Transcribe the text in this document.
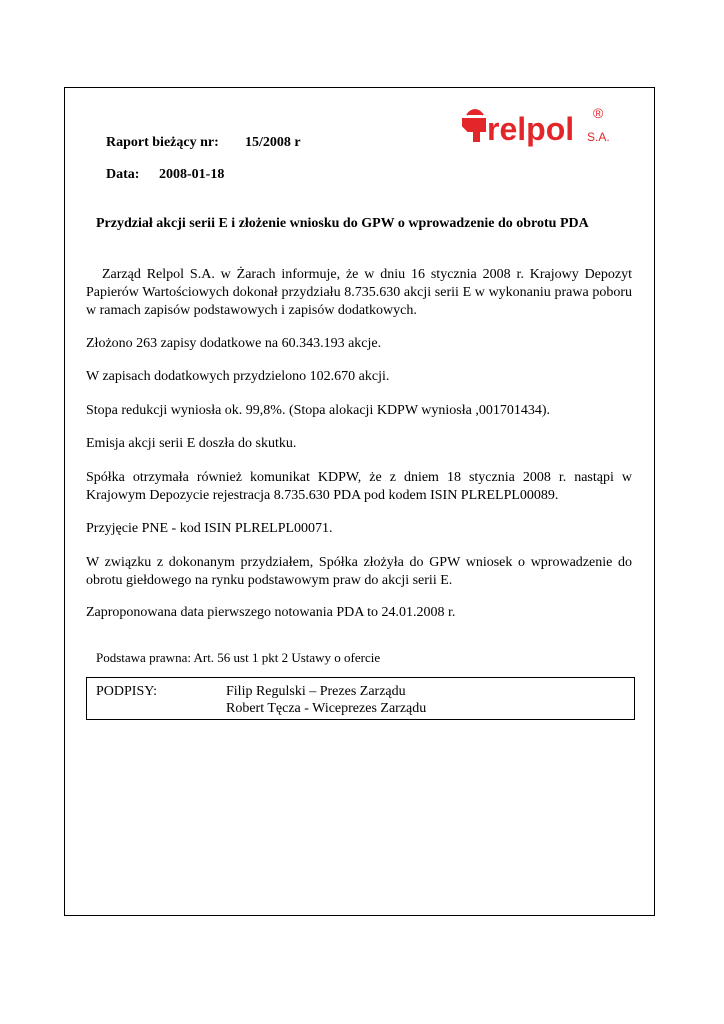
relpol S.A.
®
Raport bieżący nr: 15/2008 r
Data: 2008-01-18
Przydział akcji serii E i złożenie wniosku do GPW o wprowadzenie do obrotu PDA

Zarząd Relpol S.A. w Żarach informuje, że w dniu 16 stycznia 2008 r. Krajowy Depozyt Papierów Wartościowych dokonał przydziału 8.735.630 akcji serii E w wykonaniu prawa poboru w ramach zapisów podstawowych i zapisów dodatkowych.

Złożono 263 zapisy dodatkowe na 60.343.193 akcje.

W zapisach dodatkowych przydzielono 102.670 akcji.

Stopa redukcji wyniosła ok. 99,8%. (Stopa alokacji KDPW wyniosła ,001701434).

Emisja akcji serii E doszła do skutku.

Spółka otrzymała również komunikat KDPW, że z dniem 18 stycznia 2008 r. nastąpi w Krajowym Depozycie rejestracja 8.735.630 PDA pod kodem ISIN PLRELPL00089.

Przyjęcie PNE - kod ISIN PLRELPL00071.

W związku z dokonanym przydziałem, Spółka złożyła do GPW wniosek o wprowadzenie do obrotu giełdowego na rynku podstawowym praw do akcji serii E.

Zaproponowana data pierwszego notowania PDA to 24.01.2008 r.

Podstawa prawna: Art. 56 ust 1 pkt 2 Ustawy o ofercie
PODPISY:	Filip Regulski – Prezes Zarządu
Robert Tęcza - Wiceprezes Zarządu
